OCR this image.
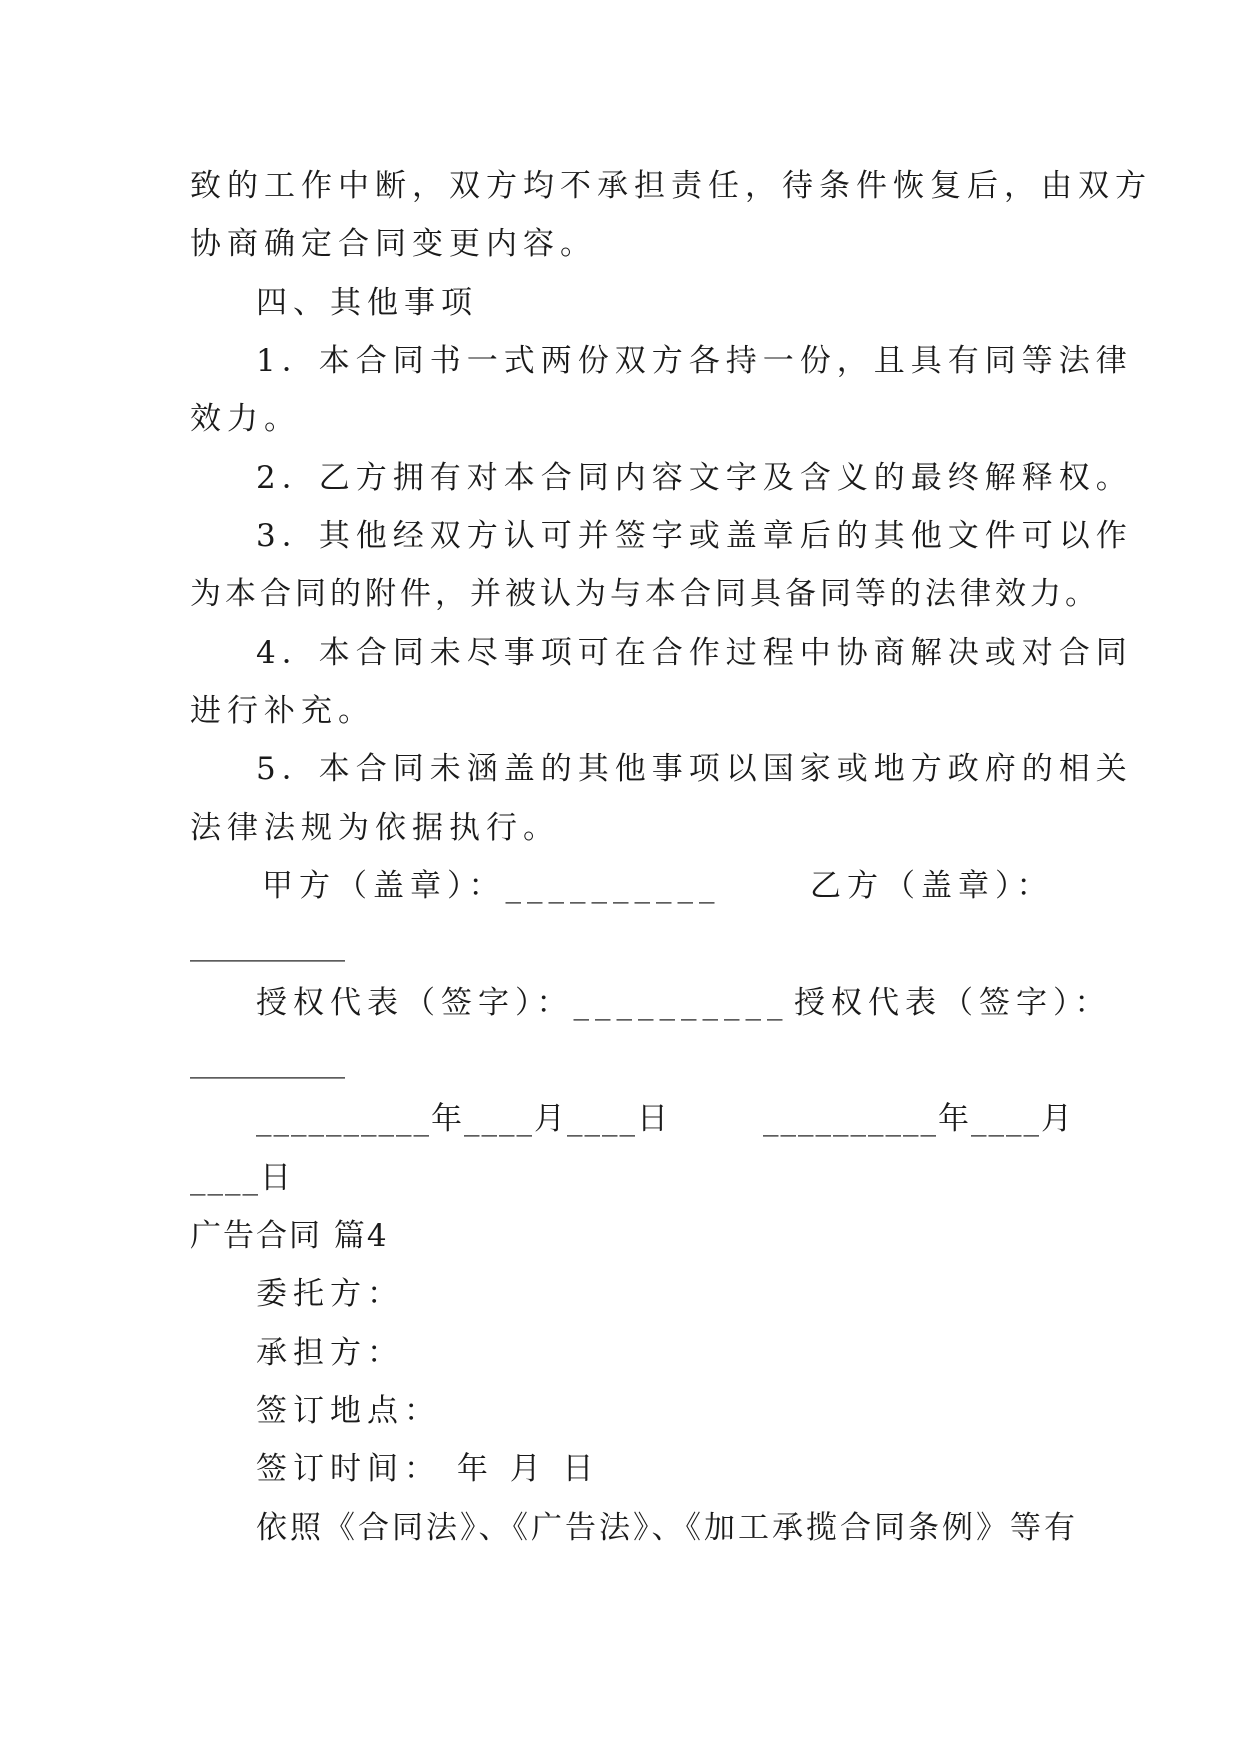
致的工作中断，双方均不承担责任，待条件恢复后，由双方
协商确定合同变更内容。
四、其他事项
1．本合同书一式两份双方各持一份，且具有同等法律
效力。
2．乙方拥有对本合同内容文字及含义的最终解释权。
3．其他经双方认可并签字或盖章后的其他文件可以作
为本合同的附件，并被认为与本合同具备同等的法律效力。
4．本合同未尽事项可在合作过程中协商解决或对合同
进行补充。
5．本合同未涵盖的其他事项以国家或地方政府的相关
法律法规为依据执行。
甲方（盖章）：__________	乙方（盖章）：
__________
授权代表（签字）：__________ 授权代表（签字）：
__________
__________年____月____日	__________年____月
____日
广告合同 篇4
委托方：
承担方：
签订地点：
签订时间： 年 月 日
依照《合同法》、《广告法》、《加工承揽合同条例》等有
